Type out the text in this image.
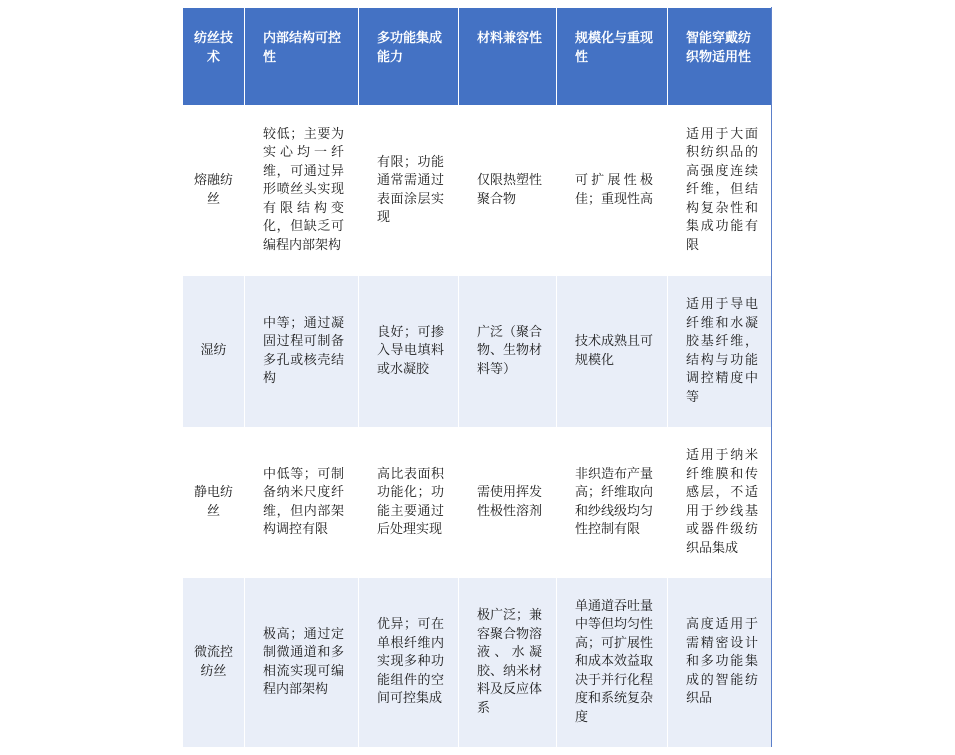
纺丝技术	内部结构可控性	多功能集成能力	材料兼容性	规模化与重现性	智能穿戴纺织物适用性
熔融纺丝	较低；主要为实心均一纤维，可通过异形喷丝头实现有限结构变化，但缺乏可编程内部架构	有限；功能通常需通过表面涂层实现	仅限热塑性聚合物	可扩展性极佳；重现性高	适用于大面积纺织品的高强度连续纤维，但结构复杂性和集成功能有限
湿纺	中等；通过凝固过程可制备多孔或核壳结构	良好；可掺入导电填料或水凝胶	广泛（聚合物、生物材料等）	技术成熟且可规模化	适用于导电纤维和水凝胶基纤维，结构与功能调控精度中等
静电纺丝	中低等；可制备纳米尺度纤维，但内部架构调控有限	高比表面积功能化；功能主要通过后处理实现	需使用挥发性极性溶剂	非织造布产量高；纤维取向和纱线级均匀性控制有限	适用于纳米纤维膜和传感层，不适用于纱线基或器件级纺织品集成
微流控纺丝	极高；通过定制微通道和多相流实现可编程内部架构	优异；可在单根纤维内实现多种功能组件的空间可控集成	极广泛；兼容聚合物溶液、水凝胶、纳米材料及反应体系	单通道吞吐量中等但均匀性高；可扩展性和成本效益取决于并行化程度和系统复杂度	高度适用于需精密设计和多功能集成的智能纺织品
